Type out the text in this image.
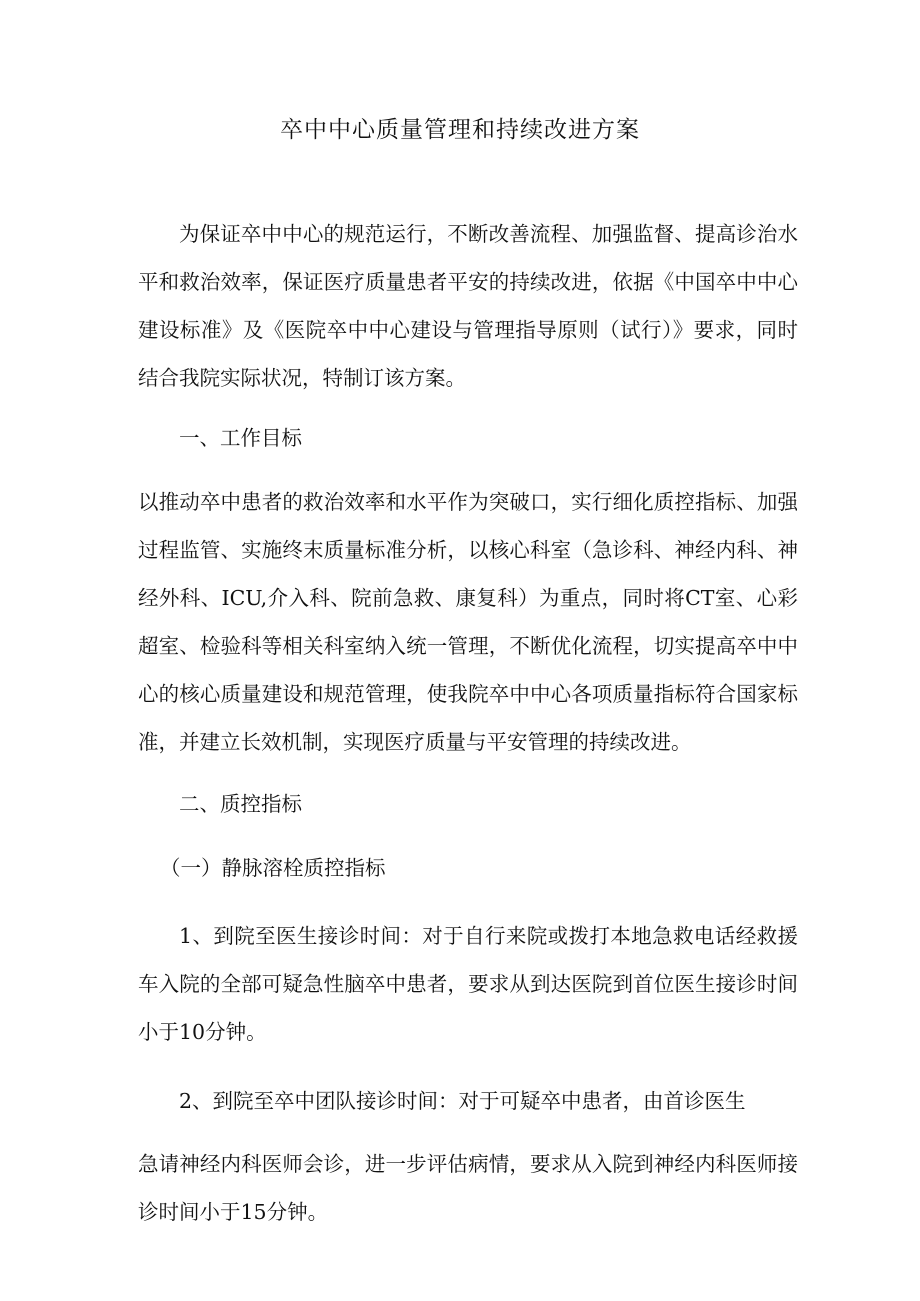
卒中中心质量管理和持续改进方案

为保证卒中中心的规范运行，不断改善流程、加强监督、提高诊治水平和救治效率，保证医疗质量患者平安的持续改进，依据《中国卒中中心建设标准》及《医院卒中中心建设与管理指导原则（试行）》要求，同时结合我院实际状况，特制订该方案。

一、工作目标

以推动卒中患者的救治效率和水平作为突破口，实行细化质控指标、加强过程监管、实施终末质量标准分析，以核心科室（急诊科、神经内科、神经外科、ICU,介入科、院前急救、康复科）为重点，同时将CT室、心彩超室、检验科等相关科室纳入统一管理，不断优化流程，切实提高卒中中心的核心质量建设和规范管理，使我院卒中中心各项质量指标符合国家标准，并建立长效机制，实现医疗质量与平安管理的持续改进。

二、质控指标

（一）静脉溶栓质控指标

1、到院至医生接诊时间：对于自行来院或拨打本地急救电话经救援车入院的全部可疑急性脑卒中患者，要求从到达医院到首位医生接诊时间小于10分钟。

2、到院至卒中团队接诊时间：对于可疑卒中患者，由首诊医生

急请神经内科医师会诊，进一步评估病情，要求从入院到神经内科医师接诊时间小于15分钟。
